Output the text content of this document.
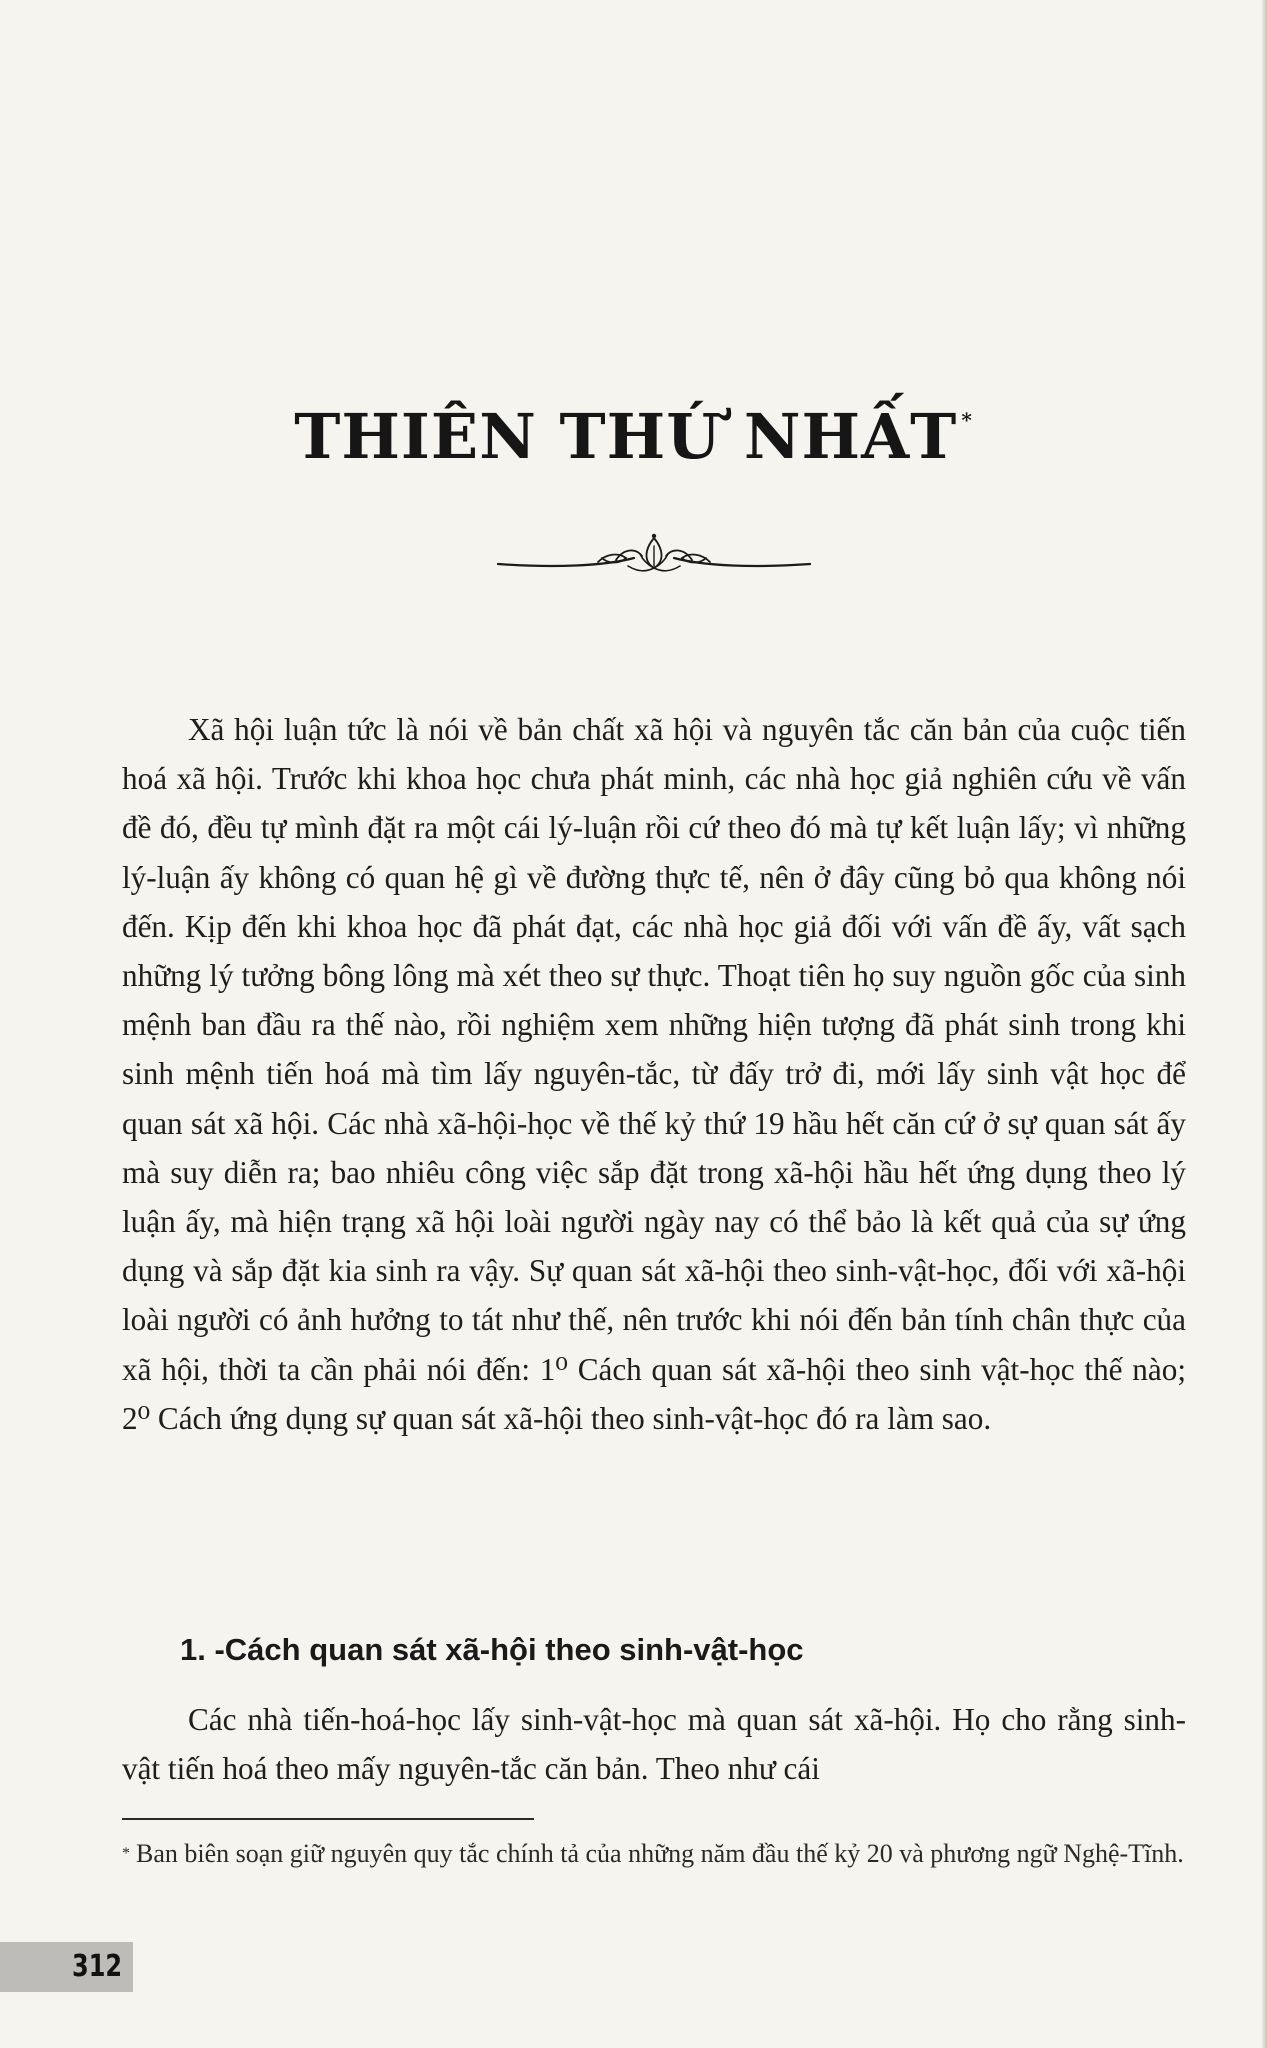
THIÊN THỨ NHẤT *

Xã hội luận tức là nói về bản chất xã hội và nguyên tắc căn bản của cuộc tiến hoá xã hội. Trước khi khoa học chưa phát minh, các nhà học giả nghiên cứu về vấn đề đó, đều tự mình đặt ra một cái lý-luận rồi cứ theo đó mà tự kết luận lấy; vì những lý-luận ấy không có quan hệ gì về đường thực tế, nên ở đây cũng bỏ qua không nói đến. Kịp đến khi khoa học đã phát đạt, các nhà học giả đối với vấn đề ấy, vất sạch những lý tưởng bông lông mà xét theo sự thực. Thoạt tiên họ suy nguồn gốc của sinh mệnh ban đầu ra thế nào, rồi nghiệm xem những hiện tượng đã phát sinh trong khi sinh mệnh tiến hoá mà tìm lấy nguyên-tắc, từ đấy trở đi, mới lấy sinh vật học để quan sát xã hội. Các nhà xã-hội-học về thế kỷ thứ 19 hầu hết căn cứ ở sự quan sát ấy mà suy diễn ra; bao nhiêu công việc sắp đặt trong xã-hội hầu hết ứng dụng theo lý luận ấy, mà hiện trạng xã hội loài người ngày nay có thể bảo là kết quả của sự ứng dụng và sắp đặt kia sinh ra vậy. Sự quan sát xã-hội theo sinh-vật-học, đối với xã-hội loài người có ảnh hưởng to tát như thế, nên trước khi nói đến bản tính chân thực của xã hội, thời ta cần phải nói đến: 1⁰ Cách quan sát xã-hội theo sinh vật-học thế nào; 2⁰ Cách ứng dụng sự quan sát xã-hội theo sinh-vật-học đó ra làm sao.

1. -Cách quan sát xã-hội theo sinh-vật-học

Các nhà tiến-hoá-học lấy sinh-vật-học mà quan sát xã-hội. Họ cho rằng sinh-vật tiến hoá theo mấy nguyên-tắc căn bản. Theo như cái

* Ban biên soạn giữ nguyên quy tắc chính tả của những năm đầu thế kỷ 20 và phương ngữ Nghệ-Tĩnh.

312
